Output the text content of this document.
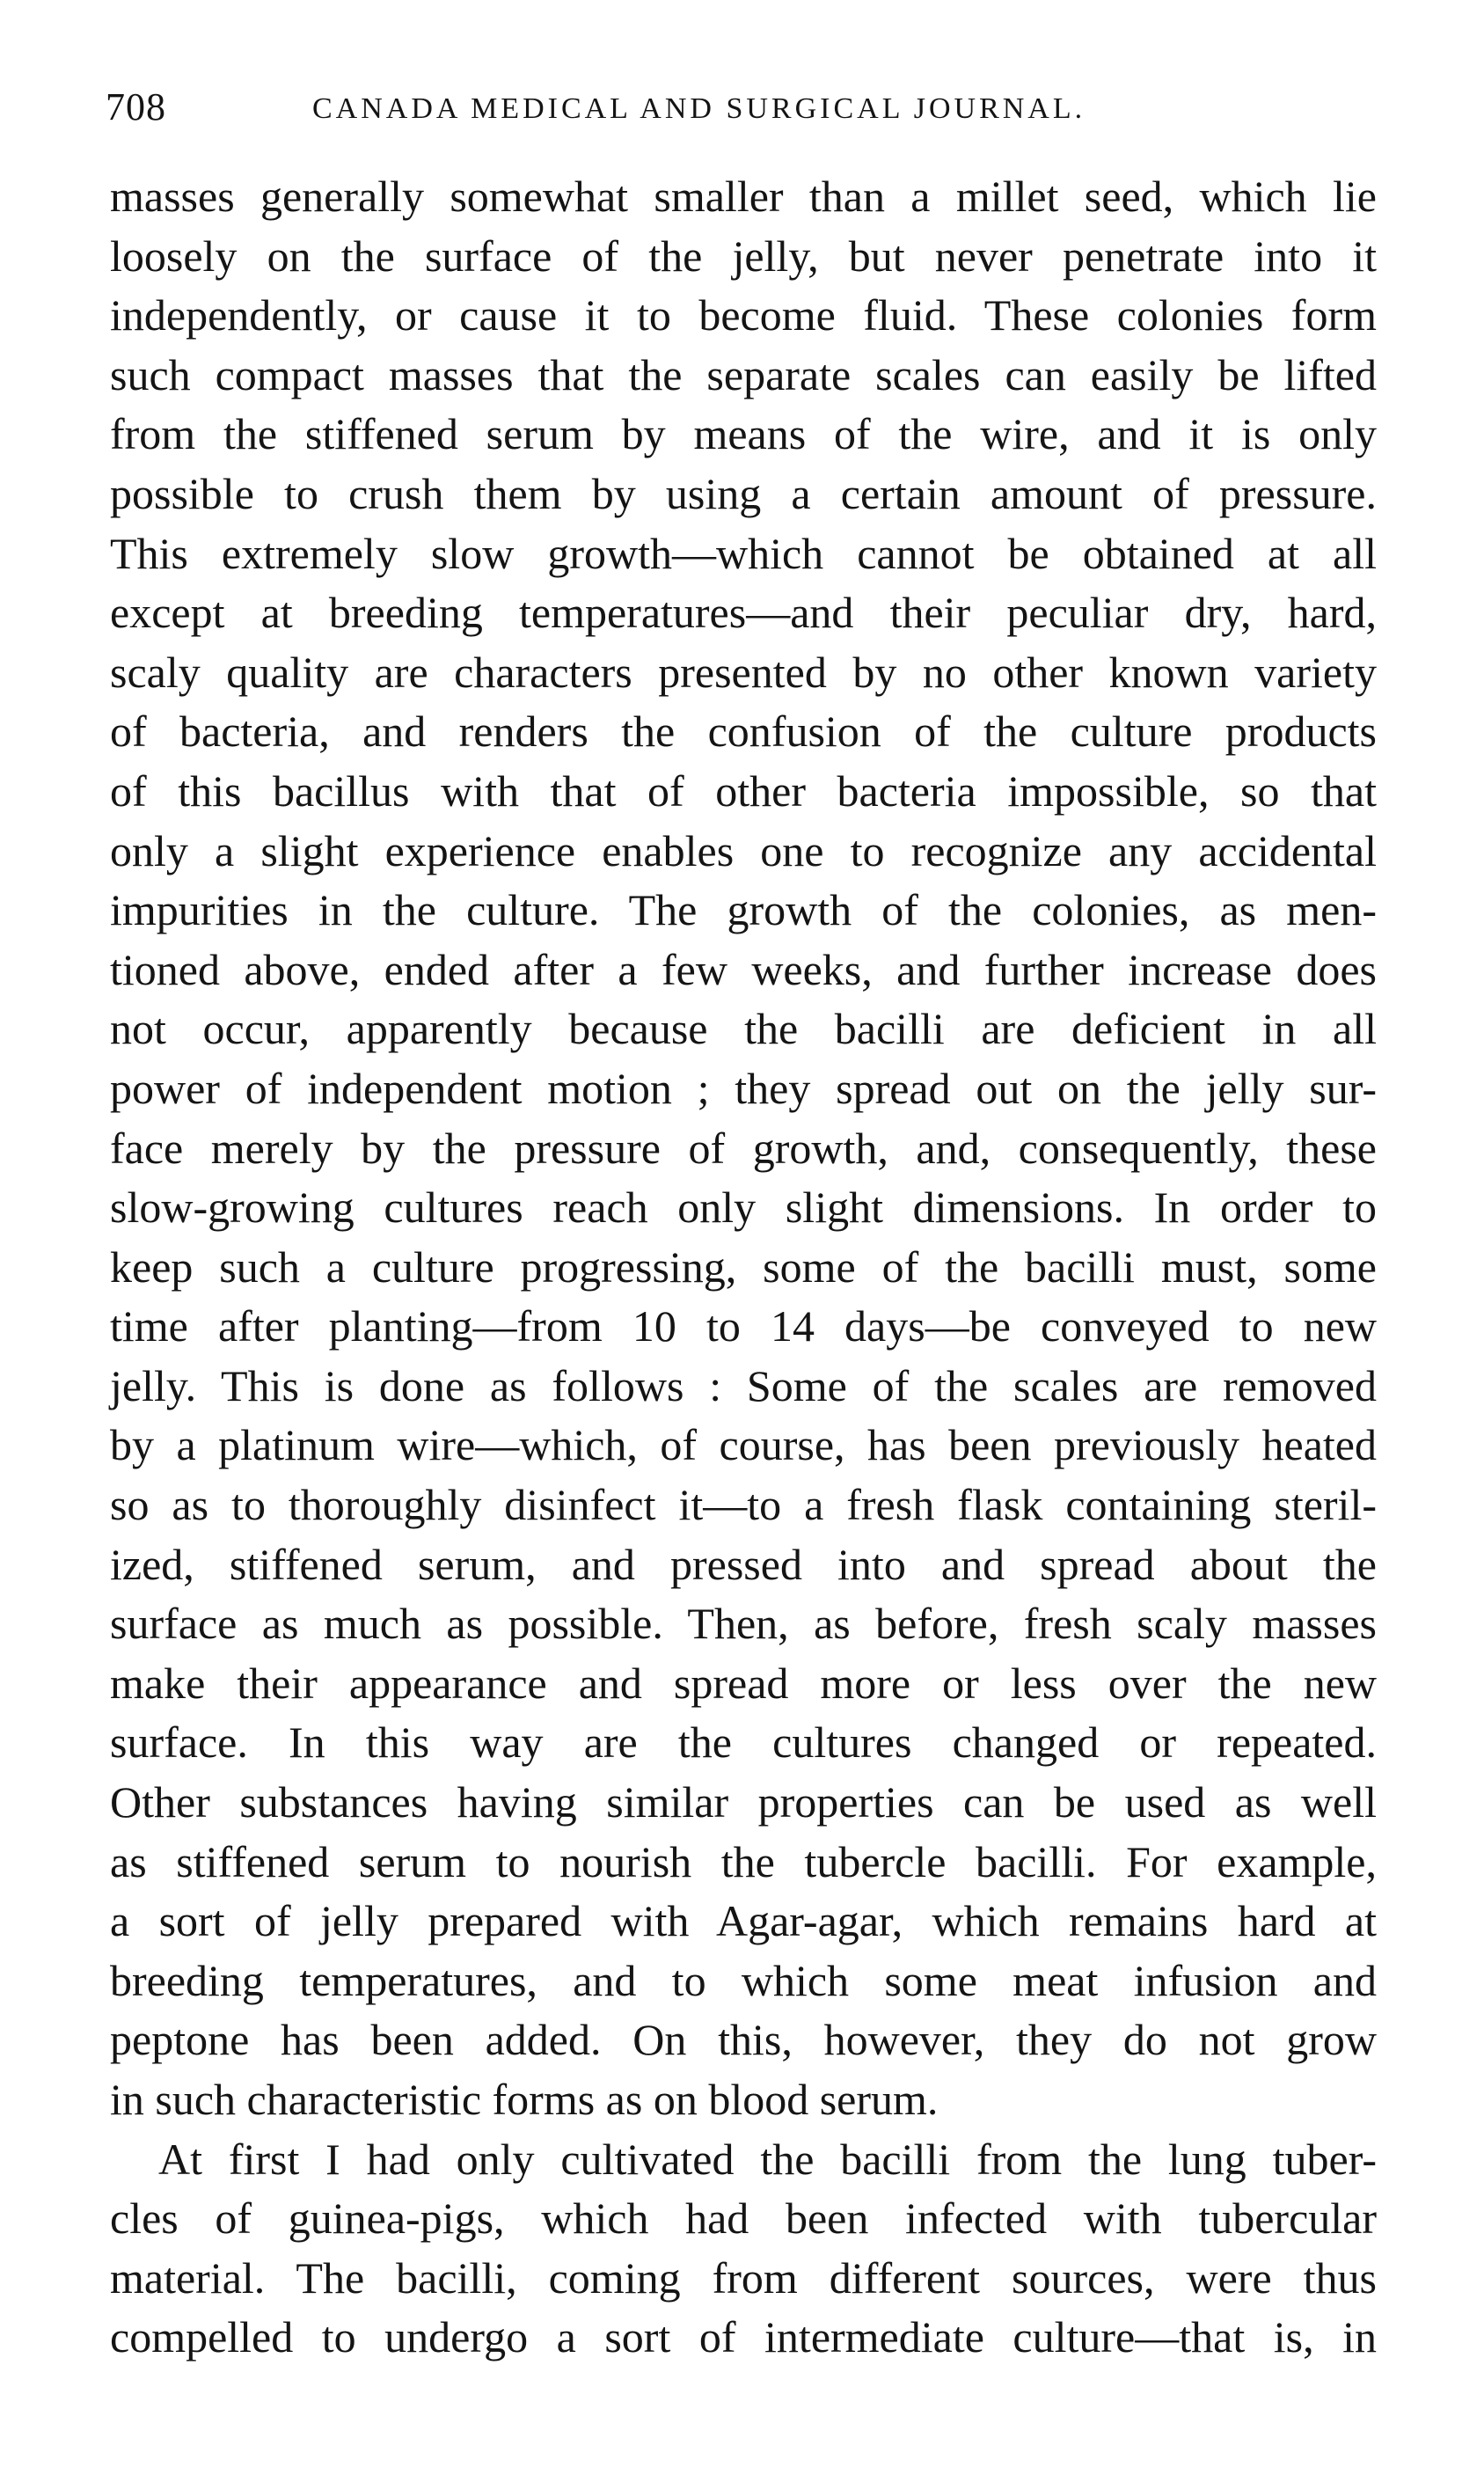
708	CANADA MEDICAL AND SURGICAL JOURNAL.
masses generally somewhat smaller than a millet seed, which lie
loosely on the surface of the jelly, but never penetrate into it
independently, or cause it to become fluid. These colonies form
such compact masses that the separate scales can easily be lifted
from the stiffened serum by means of the wire, and it is only
possible to crush them by using a certain amount of pressure.
This extremely slow growth—which cannot be obtained at all
except at breeding temperatures—and their peculiar dry, hard,
scaly quality are characters presented by no other known variety
of bacteria, and renders the confusion of the culture products
of this bacillus with that of other bacteria impossible, so that
only a slight experience enables one to recognize any accidental
impurities in the culture. The growth of the colonies, as men-
tioned above, ended after a few weeks, and further increase does
not occur, apparently because the bacilli are deficient in all
power of independent motion ; they spread out on the jelly sur-
face merely by the pressure of growth, and, consequently, these
slow-growing cultures reach only slight dimensions. In order to
keep such a culture progressing, some of the bacilli must, some
time after planting—from 10 to 14 days—be conveyed to new
jelly. This is done as follows : Some of the scales are removed
by a platinum wire—which, of course, has been previously heated
so as to thoroughly disinfect it—to a fresh flask containing steril-
ized, stiffened serum, and pressed into and spread about the
surface as much as possible. Then, as before, fresh scaly masses
make their appearance and spread more or less over the new
surface. In this way are the cultures changed or repeated.
Other substances having similar properties can be used as well
as stiffened serum to nourish the tubercle bacilli. For example,
a sort of jelly prepared with Agar-agar, which remains hard at
breeding temperatures, and to which some meat infusion and
peptone has been added. On this, however, they do not grow
in such characteristic forms as on blood serum.
At first I had only cultivated the bacilli from the lung tuber-
cles of guinea-pigs, which had been infected with tubercular
material. The bacilli, coming from different sources, were thus
compelled to undergo a sort of intermediate culture—that is, in
